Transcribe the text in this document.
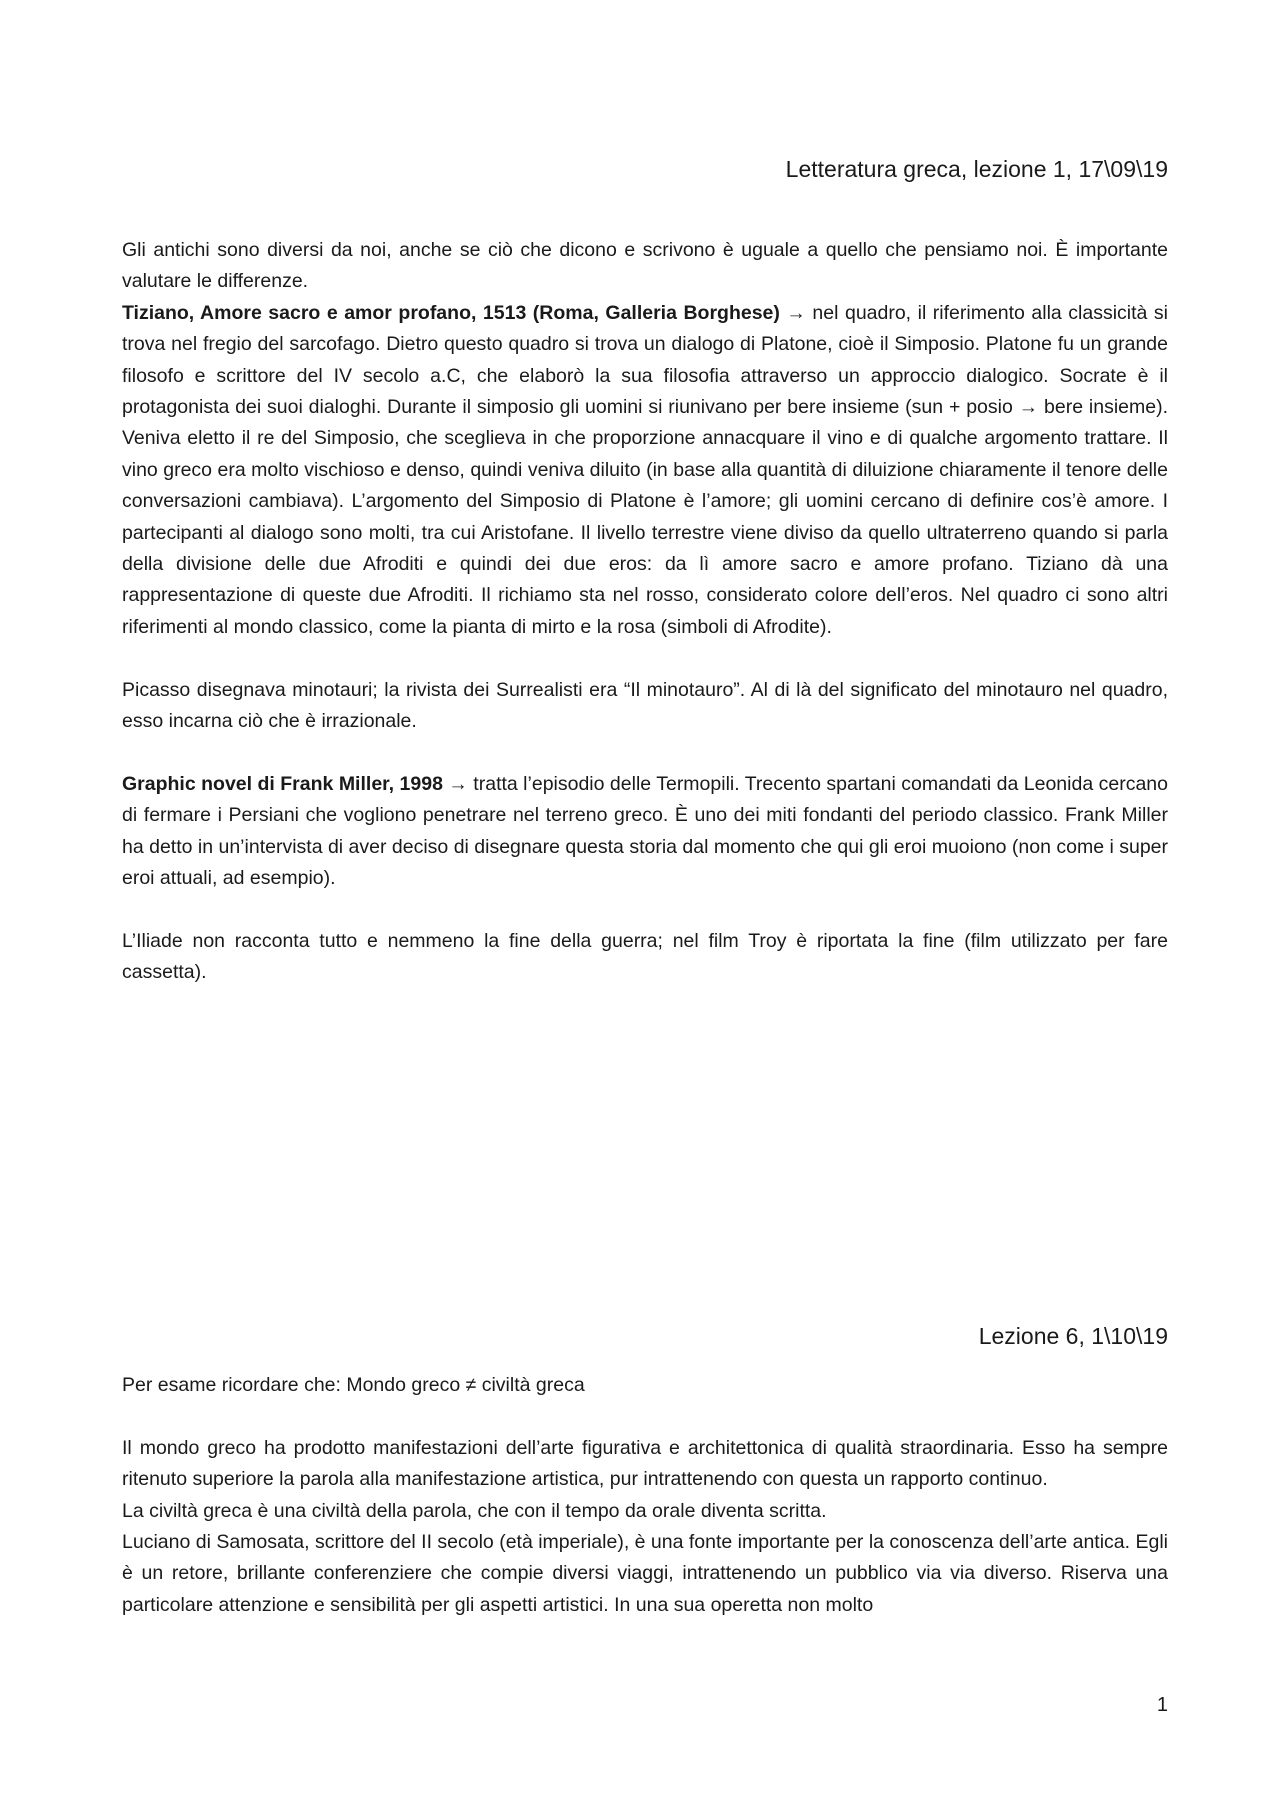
Letteratura greca, lezione 1, 17\09\19

Gli antichi sono diversi da noi, anche se ciò che dicono e scrivono è uguale a quello che pensiamo noi. È importante valutare le differenze.

Tiziano, Amore sacro e amor profano, 1513 (Roma, Galleria Borghese) → nel quadro, il riferimento alla classicità si trova nel fregio del sarcofago. Dietro questo quadro si trova un dialogo di Platone, cioè il Simposio. Platone fu un grande filosofo e scrittore del IV secolo a.C, che elaborò la sua filosofia attraverso un approccio dialogico. Socrate è il protagonista dei suoi dialoghi. Durante il simposio gli uomini si riunivano per bere insieme (sun + posio → bere insieme). Veniva eletto il re del Simposio, che sceglieva in che proporzione annacquare il vino e di qualche argomento trattare. Il vino greco era molto vischioso e denso, quindi veniva diluito (in base alla quantità di diluizione chiaramente il tenore delle conversazioni cambiava). L’argomento del Simposio di Platone è l’amore; gli uomini cercano di definire cos’è amore. I partecipanti al dialogo sono molti, tra cui Aristofane. Il livello terrestre viene diviso da quello ultraterreno quando si parla della divisione delle due Afroditi e quindi dei due eros: da lì amore sacro e amore profano. Tiziano dà una rappresentazione di queste due Afroditi. Il richiamo sta nel rosso, considerato colore dell’eros. Nel quadro ci sono altri riferimenti al mondo classico, come la pianta di mirto e la rosa (simboli di Afrodite).

Picasso disegnava minotauri; la rivista dei Surrealisti era “Il minotauro”. Al di là del significato del minotauro nel quadro, esso incarna ciò che è irrazionale.

Graphic novel di Frank Miller, 1998 → tratta l’episodio delle Termopili. Trecento spartani comandati da Leonida cercano di fermare i Persiani che vogliono penetrare nel terreno greco. È uno dei miti fondanti del periodo classico. Frank Miller ha detto in un’intervista di aver deciso di disegnare questa storia dal momento che qui gli eroi muoiono (non come i super eroi attuali, ad esempio).

L’Iliade non racconta tutto e nemmeno la fine della guerra; nel film Troy è riportata la fine (film utilizzato per fare cassetta).

Lezione 6, 1\10\19

Per esame ricordare che: Mondo greco ≠ civiltà greca

Il mondo greco ha prodotto manifestazioni dell’arte figurativa e architettonica di qualità straordinaria. Esso ha sempre ritenuto superiore la parola alla manifestazione artistica, pur intrattenendo con questa un rapporto continuo.

La civiltà greca è una civiltà della parola, che con il tempo da orale diventa scritta.

Luciano di Samosata, scrittore del II secolo (età imperiale), è una fonte importante per la conoscenza dell’arte antica. Egli è un retore, brillante conferenziere che compie diversi viaggi, intrattenendo un pubblico via via diverso. Riserva una particolare attenzione e sensibilità per gli aspetti artistici. In una sua operetta non molto

1
